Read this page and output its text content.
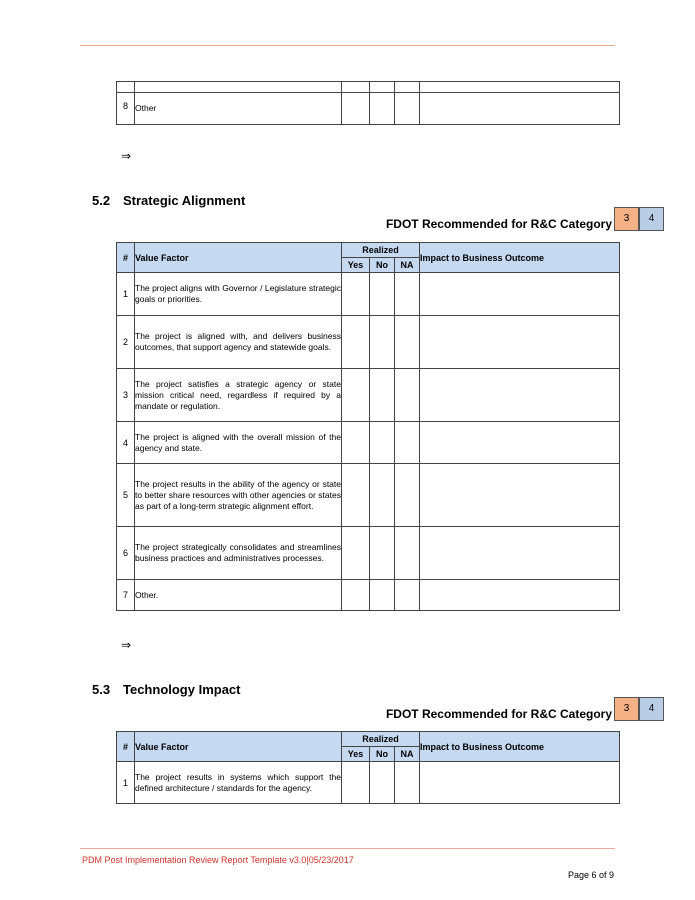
8	Other				
⇒
5.2 Strategic Alignment
FDOT Recommended for R&C Category	3	4
#	Value Factor	Realized			Impact to Business Outcome
		Yes	No	NA	
1	The project aligns with Governor / Legislature strategic goals or priorities.				
2	The project is aligned with, and delivers business outcomes, that support agency and statewide goals.				
3	The project satisfies a strategic agency or state mission critical need, regardless if required by a mandate or regulation.				
4	The project is aligned with the overall mission of the agency and state.				
5	The project results in the ability of the agency or state to better share resources with other agencies or states as part of a long-term strategic alignment effort.				
6	The project strategically consolidates and streamlines business practices and administratives processes.				
7	Other.				
⇒
5.3 Technology Impact
FDOT Recommended for R&C Category	3	4
#	Value Factor	Realized			Impact to Business Outcome
		Yes	No	NA	
1	The project results in systems which support the defined architecture / standards for the agency.				
PDM Post Implementation Review Report Template v3.0|05/23/2017
Page 6 of 9
